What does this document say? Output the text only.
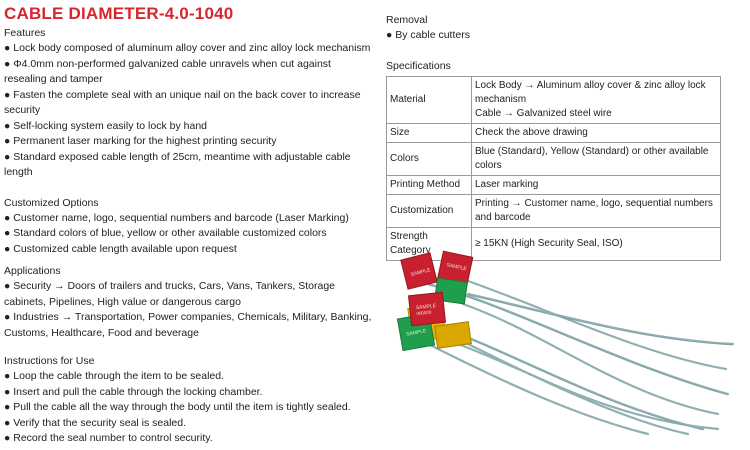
CABLE DIAMETER-4.0-1040
Features
● Lock body composed of aluminum alloy cover and zinc alloy lock mechanism
● Φ4.0mm non-performed galvanized cable unravels when cut against resealing and tamper
● Fasten the complete seal with an unique nail on the back cover to increase security
● Self-locking system easily to lock by hand
● Permanent laser marking for the highest printing security
● Standard exposed cable length of 25cm, meantime with adjustable cable length
Customized Options
● Customer name, logo, sequential numbers and barcode (Laser Marking)
● Standard colors of blue, yellow or other available customized colors
● Customized cable length available upon request
Applications
● Security → Doors of trailers and trucks, Cars, Vans, Tankers, Storage cabinets, Pipelines, High value or dangerous cargo
● Industries → Transportation, Power companies, Chemicals, Military, Banking, Customs, Healthcare, Food and beverage
Instructions for Use
● Loop the cable through the item to be sealed.
● Insert and pull the cable through the locking chamber.
● Pull the cable all the way through the body until the item is tightly sealed.
● Verify that the security seal is sealed.
● Record the seal number to control security.
Removal
● By cable cutters
Specifications
Material	Lock Body → Aluminum alloy cover & zinc alloy lock mechanism
Cable → Galvanized steel wire

Size	Check the above drawing
Colors	Blue (Standard), Yellow (Standard) or other available colors
Printing Method	Laser marking
Customization	Printing → Customer name, logo, sequential numbers and barcode
Strength Category	≥ 15KN (High Security Seal, ISO)
SAMPLE
SAMPLE
SAMPLE
000000
SAMPLE
